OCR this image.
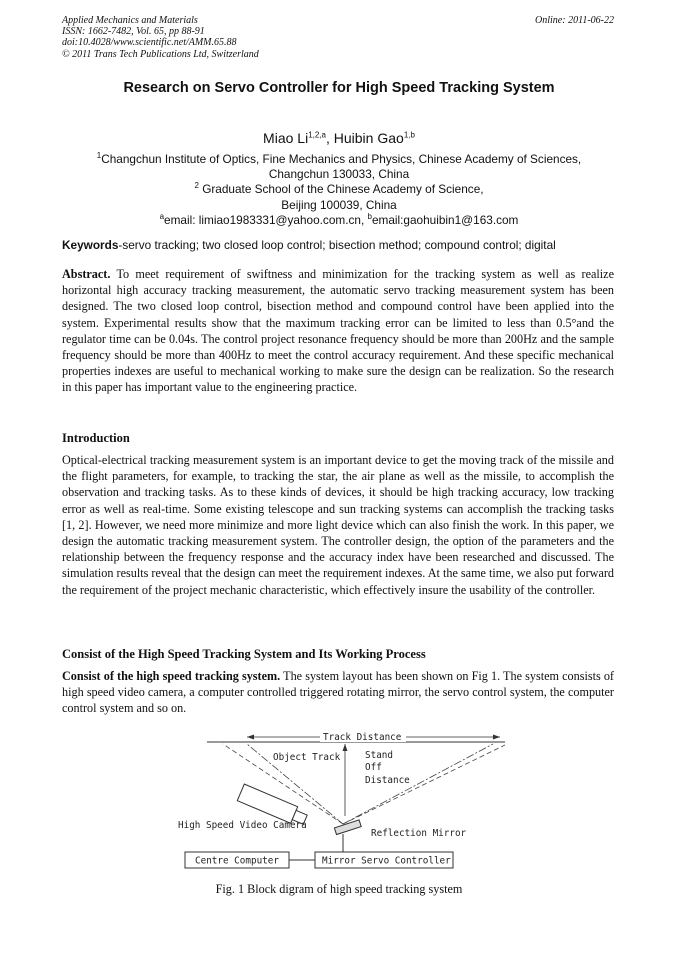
Applied Mechanics and Materials
ISSN: 1662-7482, Vol. 65, pp 88-91
doi:10.4028/www.scientific.net/AMM.65.88
© 2011 Trans Tech Publications Ltd, Switzerland
Online: 2011-06-22
Research on Servo Controller for High Speed Tracking System
Miao Li$^{1,2,a}$, Huibin Gao$^{1,b}$
$^1$Changchun Institute of Optics, Fine Mechanics and Physics, Chinese Academy of Sciences,
Changchun 130033, China
$^2$ Graduate School of the Chinese Academy of Science,
Beijing 100039, China
$^a$email: limiao1983331@yahoo.com.cn, $^b$email:gaohuibin1@163.com
Keywords-servo tracking; two closed loop control; bisection method; compound control; digital

Abstract. To meet requirement of swiftness and minimization for the tracking system as well as realize horizontal high accuracy tracking measurement, the automatic servo tracking measurement system has been designed. The two closed loop control, bisection method and compound control have been applied into the system. Experimental results show that the maximum tracking error can be limited to less than 0.5°and the regulator time can be 0.04s. The control project resonance frequency should be more than 200Hz and the sample frequency should be more than 400Hz to meet the control accuracy requirement. And these specific mechanical properties indexes are useful to mechanical working to make sure the design can be realization. So the research in this paper has important value to the engineering practice.

Introduction

Optical-electrical tracking measurement system is an important device to get the moving track of the missile and the flight parameters, for example, to tracking the star, the air plane as well as the missile, to accomplish the observation and tracking tasks. As to these kinds of devices, it should be high tracking accuracy, low tracking error as well as real-time. Some existing telescope and sun tracking systems can accomplish the tracking tasks [1, 2]. However, we need more minimize and more light device which can also finish the work. In this paper, we design the automatic tracking measurement system. The controller design, the option of the parameters and the relationship between the frequency response and the accuracy index have been researched and discussed. The simulation results reveal that the design can meet the requirement indexes. At the same time, we also put forward the requirement of the project mechanic characteristic, which effectively insure the usability of the controller.

Consist of the High Speed Tracking System and Its Working Process

Consist of the high speed tracking system. The system layout has been shown on Fig 1. The system consists of high speed video camera, a computer controlled triggered rotating mirror, the servo control system, the computer control system and so on.

Track Distance
Object Track	Stand
Off
Distance
High Speed Video Camera
Reflection Mirror
Centre Computer	Mirror Servo Controller
Fig. 1 Block digram of high speed tracking system
